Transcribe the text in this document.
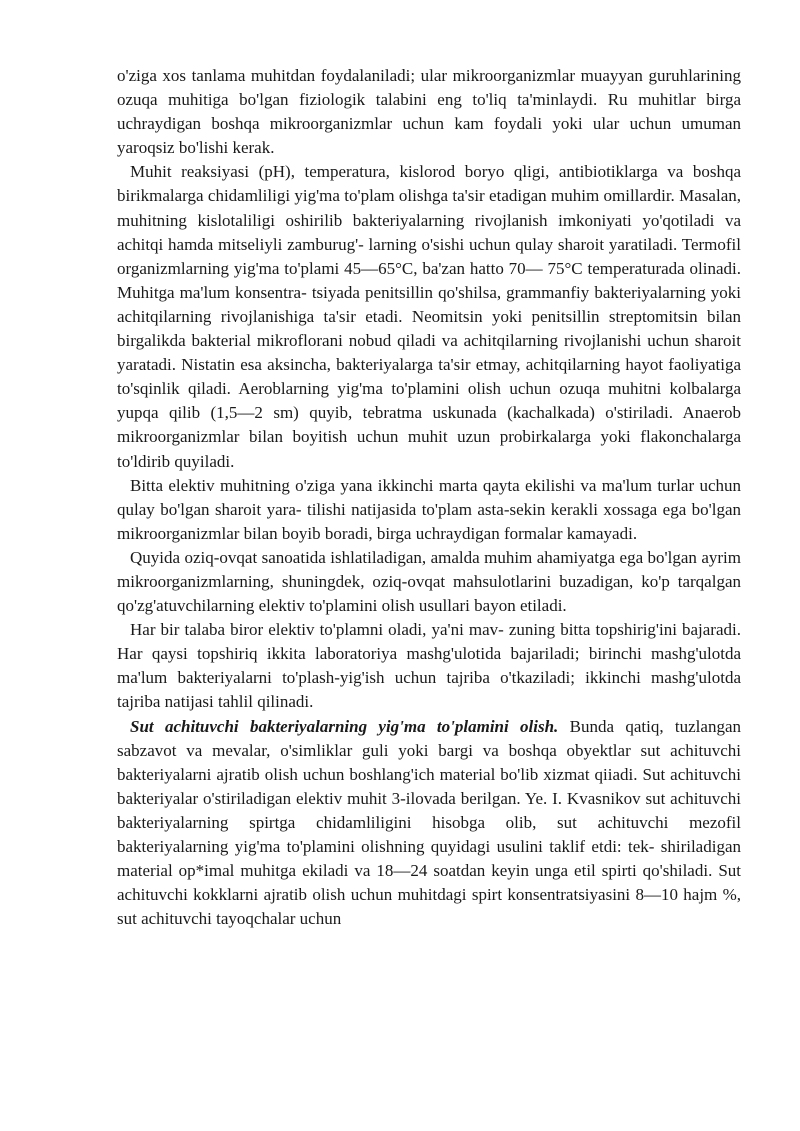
o'ziga xos tanlama muhitdan foydalaniladi; ular mikroorganizmlar muayyan guruhlarining ozuqa muhitiga bo'lgan fiziologik talabini eng to'liq ta'minlaydi. Ru muhitlar birga uchraydigan boshqa mikroorganizmlar uchun kam foydali yoki ular uchun umuman yaroqsiz bo'lishi kerak.

Muhit reaksiyasi (pH), temperatura, kislorod boryo qligi, antibiotiklarga va boshqa birikmalarga chidamliligi yig'ma to'plam olishga ta'sir etadigan muhim omillardir. Masalan, muhitning kislotaliligi oshirilib bakteriyalarning rivojlanish imkoniyati yo'qotiladi va achitqi hamda mitseliyli zamburug'- larning o'sishi uchun qulay sharoit yaratiladi. Termofil organizmlarning yig'ma to'plami 45—65°C, ba'zan hatto 70— 75°C temperaturada olinadi. Muhitga ma'lum konsentra- tsiyada penitsillin qo'shilsa, grammanfiy bakteriyalarning yoki achitqilarning rivojlanishiga ta'sir etadi. Neomitsin yoki penitsillin streptomitsin bilan birgalikda bakterial mikroflorani nobud qiladi va achitqilarning rivojlanishi uchun sharoit yaratadi. Nistatin esa aksincha, bakteriyalarga ta'sir etmay, achitqilarning hayot faoliyatiga to'sqinlik qiladi. Aeroblarning yig'ma to'plamini olish uchun ozuqa muhitni kolbalarga yupqa qilib (1,5—2 sm) quyib, tebratma uskunada (kachalkada) o'stiriladi. Anaerob mikroorganizmlar bilan boyitish uchun muhit uzun probirkalarga yoki flakonchalarga to'ldirib quyiladi.

Bitta elektiv muhitning o'ziga yana ikkinchi marta qayta ekilishi va ma'lum turlar uchun qulay bo'lgan sharoit yara- tilishi natijasida to'plam asta-sekin kerakli xossaga ega bo'lgan mikroorganizmlar bilan boyib boradi, birga uchraydigan formalar kamayadi.

Quyida oziq-ovqat sanoatida ishlatiladigan, amalda muhim ahamiyatga ega bo'lgan ayrim mikroorganizmlarning, shuningdek, oziq-ovqat mahsulotlarini buzadigan, ko'p tarqalgan qo'zg'atuvchilarning elektiv to'plamini olish usullari bayon etiladi.

Har bir talaba biror elektiv to'plamni oladi, ya'ni mav- zuning bitta topshirig'ini bajaradi. Har qaysi topshiriq ikkita laboratoriya mashg'ulotida bajariladi; birinchi mashg'ulotda ma'lum bakteriyalarni to'plash-yig'ish uchun tajriba o'tkaziladi; ikkinchi mashg'ulotda tajriba natijasi tahlil qilinadi.

Sut achituvchi bakteriyalarning yig'ma to'plamini olish. Bunda qatiq, tuzlangan sabzavot va mevalar, o'simliklar guli yoki bargi va boshqa obyektlar sut achituvchi bakteriyalarni ajratib olish uchun boshlang'ich material bo'lib xizmat qiiadi. Sut achituvchi bakteriyalar o'stiriladigan elektiv muhit 3-ilovada berilgan. Ye. I. Kvasnikov sut achituvchi bakteriyalarning spirtga chidamliligini hisobga olib, sut achituvchi mezofil bakteriyalarning yig'ma to'plamini olishning quyidagi usulini taklif etdi: tek- shiriladigan material op*imal muhitga ekiladi va 18—24 soatdan keyin unga etil spirti qo'shiladi. Sut achituvchi kokklarni ajratib olish uchun muhitdagi spirt konsentratsiyasini 8—10 hajm %, sut achituvchi tayoqchalar uchun
